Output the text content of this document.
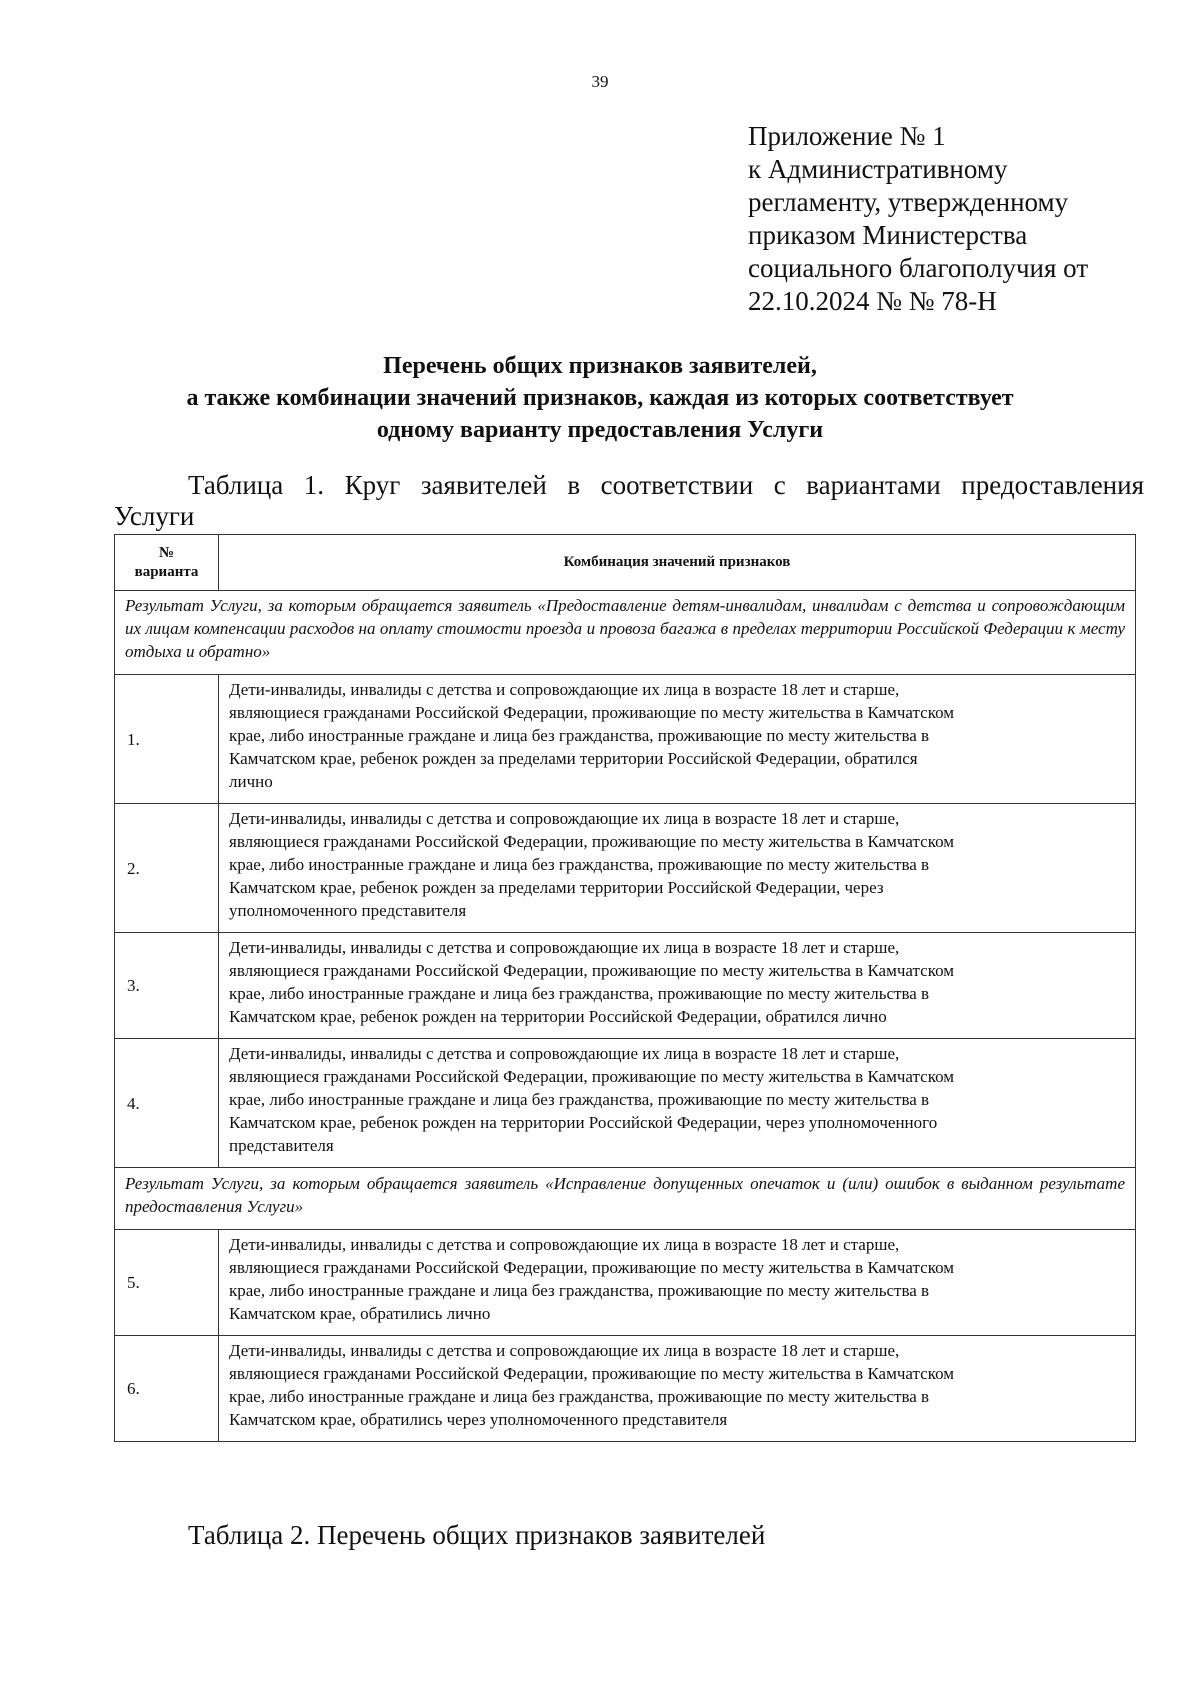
39
Приложение № 1
к Административному
регламенту, утвержденному
приказом Министерства
социального благополучия от
22.10.2024 № № 78-Н
Перечень общих признаков заявителей,
а также комбинации значений признаков, каждая из которых соответствует
одному варианту предоставления Услуги
Таблица 1. Круг заявителей в соответствии с вариантами предоставления
Услуги
№
варианта	Комбинация значений признаков
Результат Услуги, за которым обращается заявитель «Предоставление детям-инвалидам, инвалидам с детства и сопровождающим их лицам компенсации расходов на оплату стоимости проезда и провоза багажа в пределах территории Российской Федерации к месту отдыха и обратно»	
1.	Дети-инвалиды, инвалиды с детства и сопровождающие их лица в возрасте 18 лет и старше,
являющиеся гражданами Российской Федерации, проживающие по месту жительства в Камчатском
крае, либо иностранные граждане и лица без гражданства, проживающие по месту жительства в
Камчатском крае, ребенок рожден за пределами территории Российской Федерации, обратился
лично

2.	Дети-инвалиды, инвалиды с детства и сопровождающие их лица в возрасте 18 лет и старше,
являющиеся гражданами Российской Федерации, проживающие по месту жительства в Камчатском
крае, либо иностранные граждане и лица без гражданства, проживающие по месту жительства в
Камчатском крае, ребенок рожден за пределами территории Российской Федерации, через
уполномоченного представителя

3.	Дети-инвалиды, инвалиды с детства и сопровождающие их лица в возрасте 18 лет и старше,
являющиеся гражданами Российской Федерации, проживающие по месту жительства в Камчатском
крае, либо иностранные граждане и лица без гражданства, проживающие по месту жительства в
Камчатском крае, ребенок рожден на территории Российской Федерации, обратился лично

4.	Дети-инвалиды, инвалиды с детства и сопровождающие их лица в возрасте 18 лет и старше,
являющиеся гражданами Российской Федерации, проживающие по месту жительства в Камчатском
крае, либо иностранные граждане и лица без гражданства, проживающие по месту жительства в
Камчатском крае, ребенок рожден на территории Российской Федерации, через уполномоченного
представителя

Результат Услуги, за которым обращается заявитель «Исправление допущенных опечаток и (или) ошибок в выданном результате предоставления Услуги»	
5.	Дети-инвалиды, инвалиды с детства и сопровождающие их лица в возрасте 18 лет и старше,
являющиеся гражданами Российской Федерации, проживающие по месту жительства в Камчатском
крае, либо иностранные граждане и лица без гражданства, проживающие по месту жительства в
Камчатском крае, обратились лично

6.	Дети-инвалиды, инвалиды с детства и сопровождающие их лица в возрасте 18 лет и старше,
являющиеся гражданами Российской Федерации, проживающие по месту жительства в Камчатском
крае, либо иностранные граждане и лица без гражданства, проживающие по месту жительства в
Камчатском крае, обратились через уполномоченного представителя
Таблица 2. Перечень общих признаков заявителей
